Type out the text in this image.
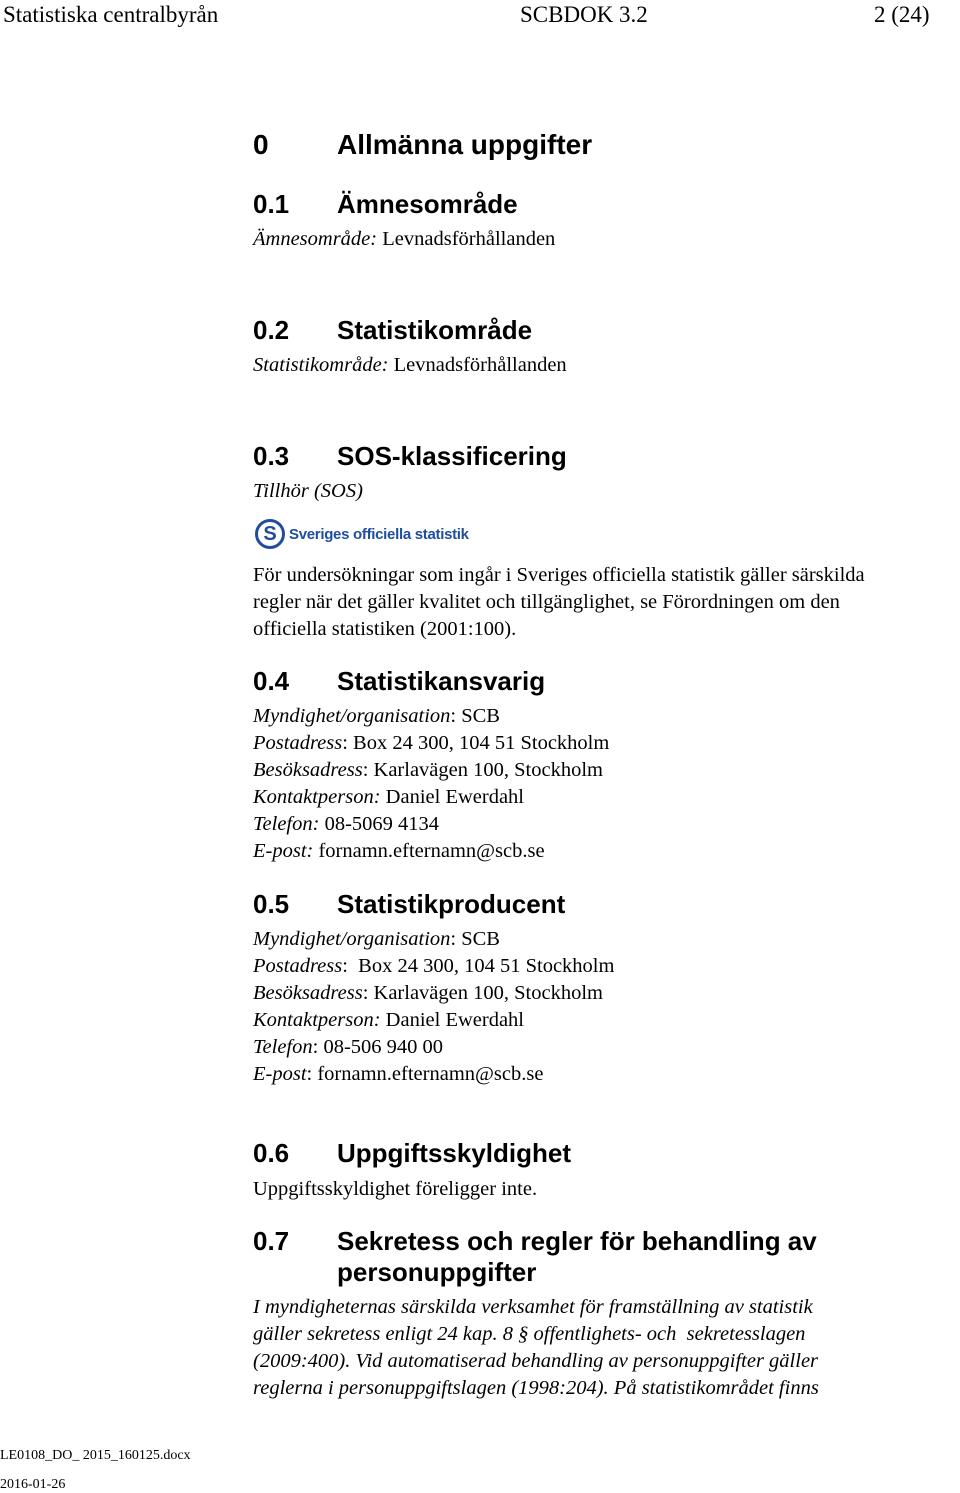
Statistiska centralbyrån	SCBDOK 3.2	2 (24)
0 Allmänna uppgifter
0.1 Ämnesområde
Ämnesområde: Levnadsförhållanden
0.2 Statistikområde
Statistikområde: Levnadsförhållanden
0.3 SOS-klassificering
Tillhör (SOS)
S Sveriges officiella statistik
För undersökningar som ingår i Sveriges officiella statistik gäller särskilda
regler när det gäller kvalitet och tillgänglighet, se Förordningen om den
officiella statistiken (2001:100).
0.4 Statistikansvarig
Myndighet/organisation: SCB
Postadress: Box 24 300, 104 51 Stockholm
Besöksadress: Karlavägen 100, Stockholm
Kontaktperson: Daniel Ewerdahl
Telefon: 08-5069 4134
E-post: fornamn.efternamn@scb.se
0.5 Statistikproducent
Myndighet/organisation: SCB
Postadress:  Box 24 300, 104 51 Stockholm
Besöksadress: Karlavägen 100, Stockholm
Kontaktperson: Daniel Ewerdahl
Telefon: 08-506 940 00
E-post: fornamn.efternamn@scb.se
0.6 Uppgiftsskyldighet
Uppgiftsskyldighet föreligger inte.
0.7 Sekretess och regler för behandling av
personuppgifter
I myndigheternas särskilda verksamhet för framställning av statistik
gäller sekretess enligt 24 kap. 8 § offentlighets- och  sekretesslagen
(2009:400). Vid automatiserad behandling av personuppgifter gäller
reglerna i personuppgiftslagen (1998:204). På statistikområdet finns
LE0108_DO_ 2015_160125.docx
2016-01-26
